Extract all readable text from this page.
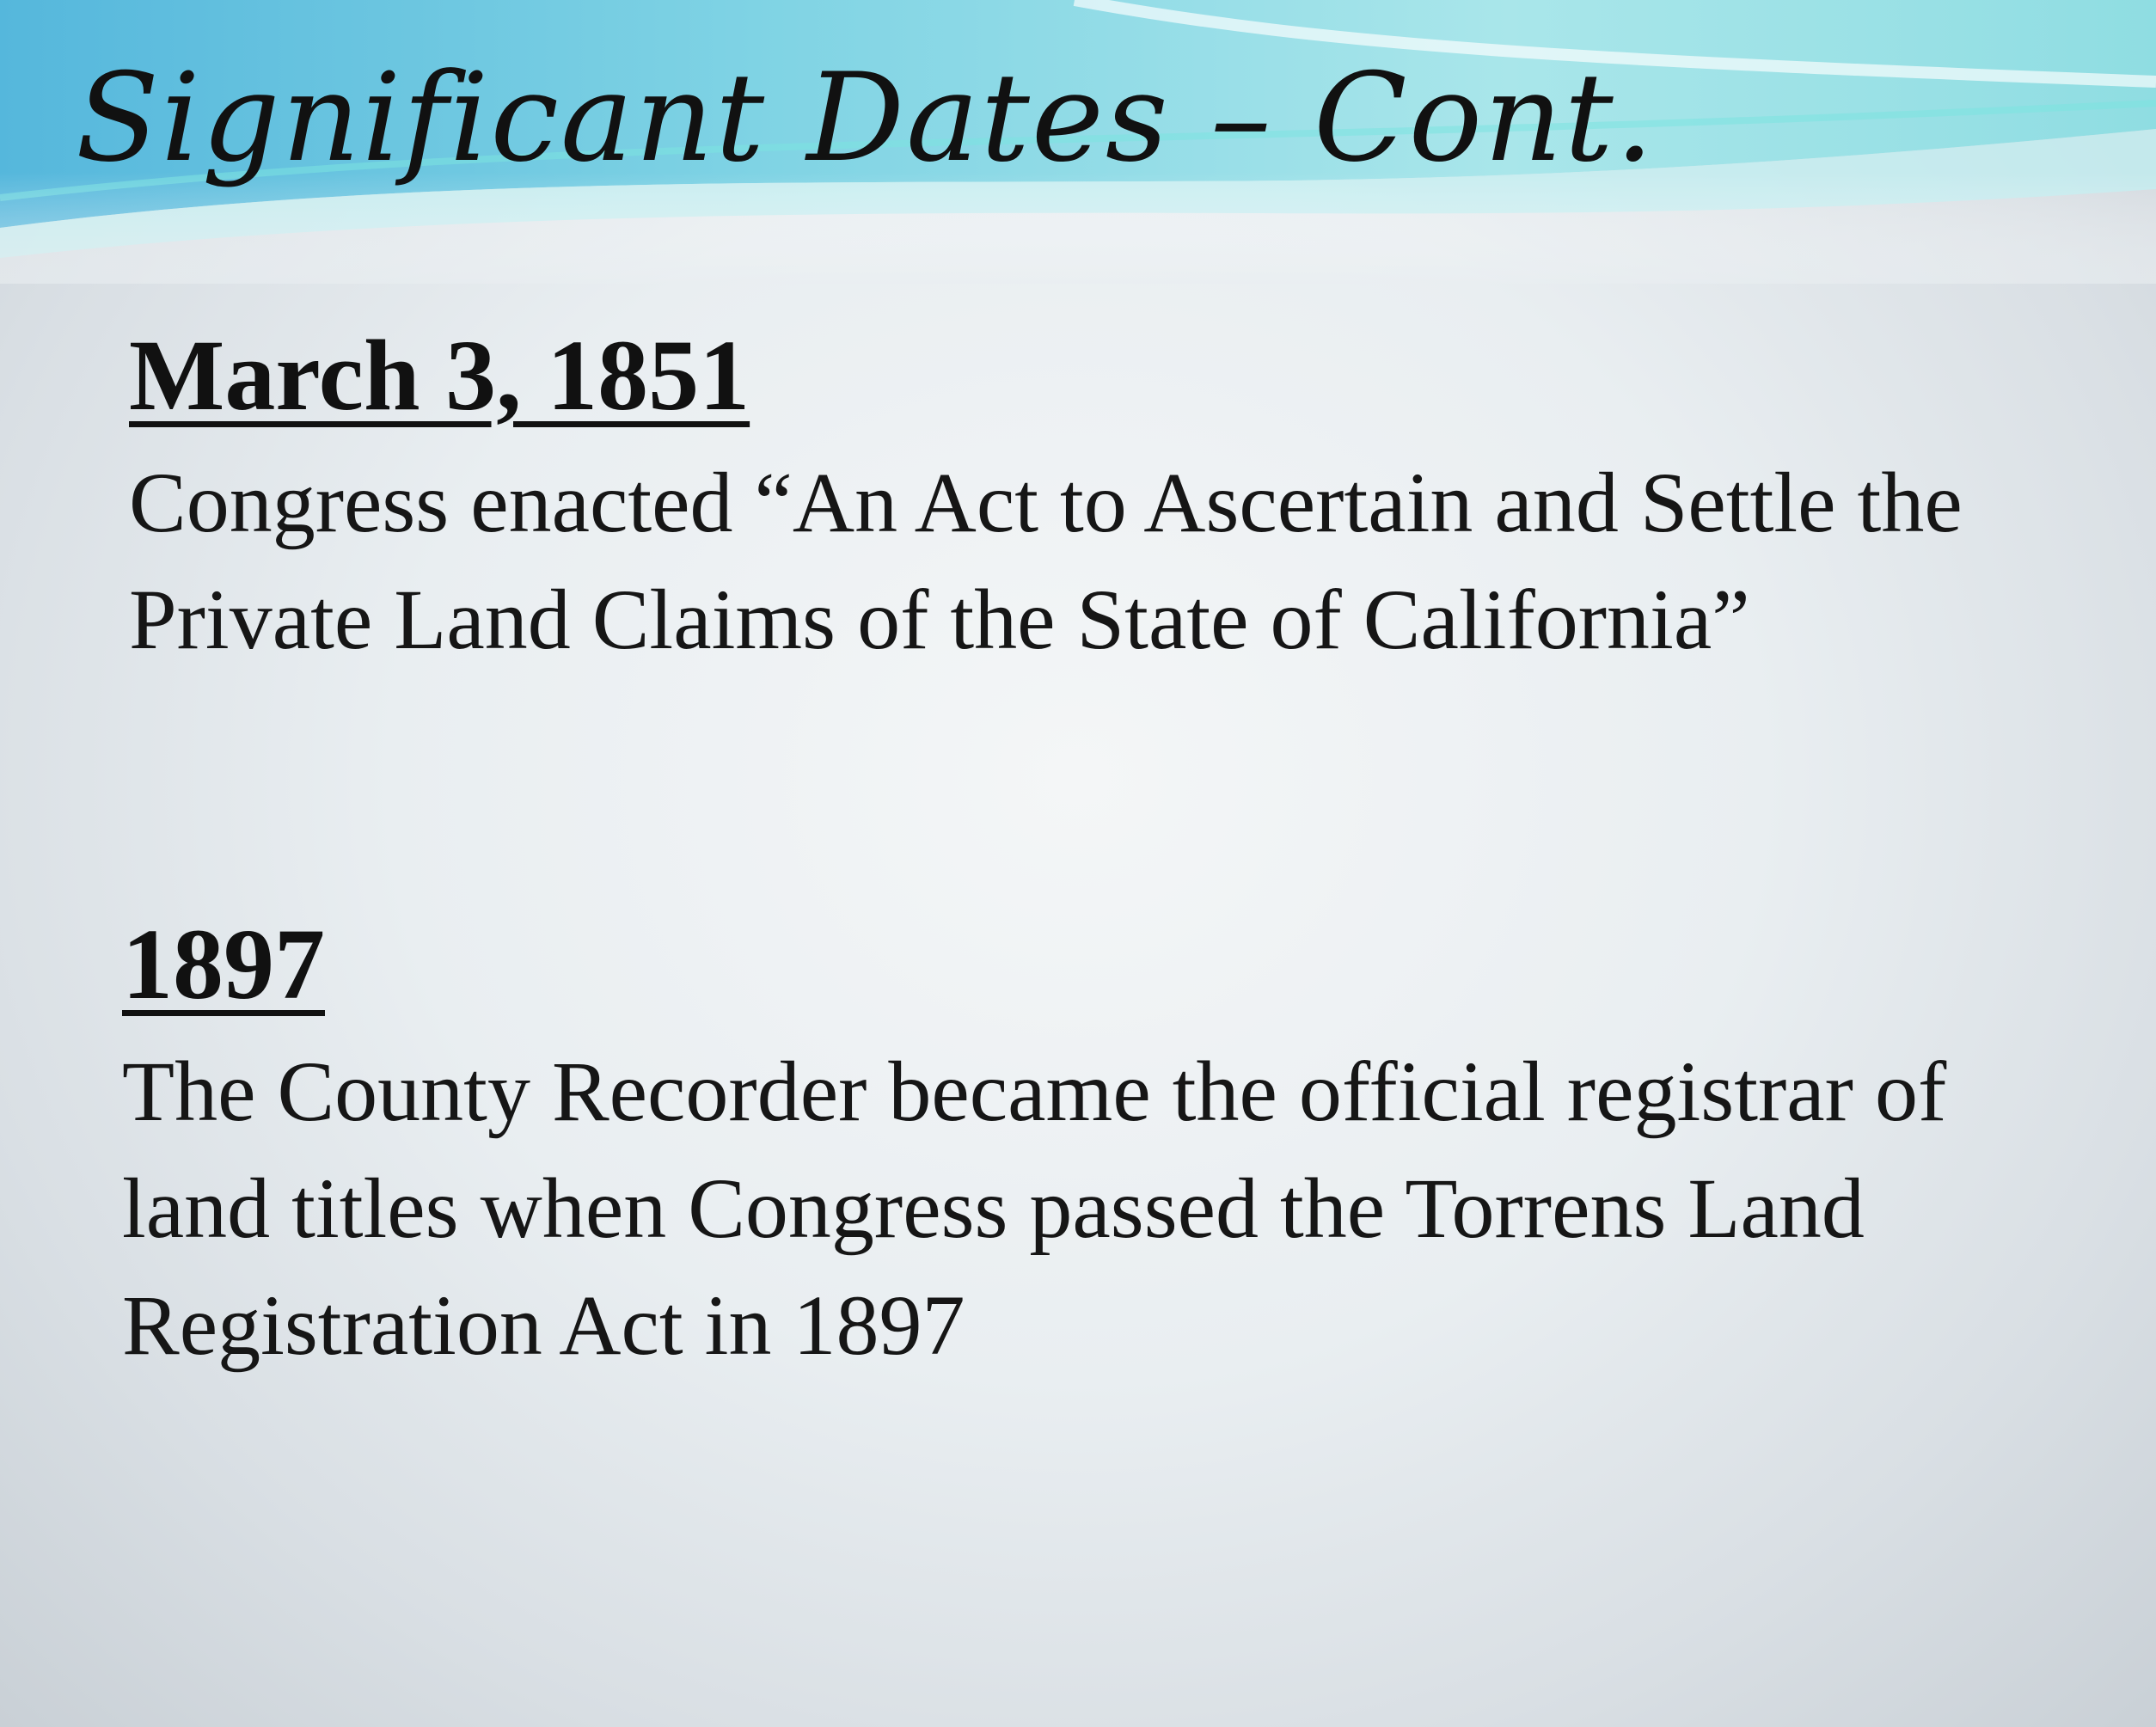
Significant Dates – Cont.
March 3, 1851

Congress enacted “An Act to Ascertain and Settle the Private Land Claims of the State of California”

1897

The County Recorder became the official registrar of land titles when Congress passed the Torrens Land Registration Act in 1897
